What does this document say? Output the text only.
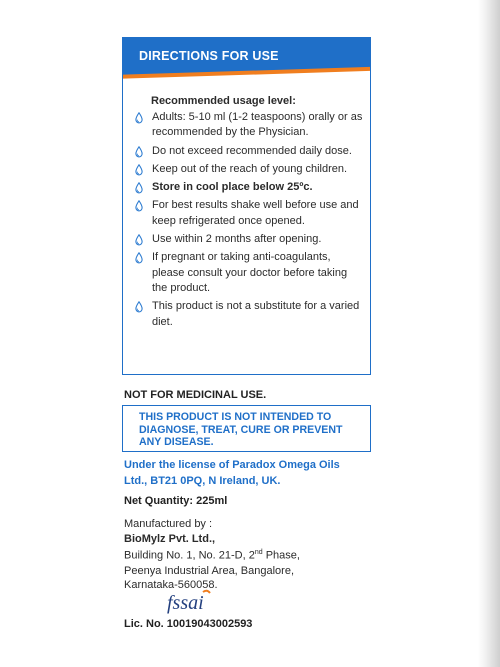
DIRECTIONS FOR USE
Recommended usage level:
Adults: 5-10 ml (1-2 teaspoons) orally or as recommended by the Physician.
Do not exceed recommended daily dose.
Keep out of the reach of young children.
Store in cool place below 25ºc.
For best results shake well before use and keep refrigerated once opened.
Use within 2 months after opening.
If pregnant or taking anti-coagulants, please consult your doctor before taking the product.
This product is not a substitute for a varied diet.
NOT FOR MEDICINAL USE.
THIS PRODUCT IS NOT INTENDED TO DIAGNOSE, TREAT, CURE OR PREVENT ANY DISEASE.
Under the license of Paradox Omega Oils Ltd., BT21 0PQ, N Ireland, UK.
Net Quantity: 225ml
Manufactured by :
BioMylz Pvt. Ltd.,
Building No. 1, No. 21-D, 2nd Phase,
Peenya Industrial Area, Bangalore,
Karnataka-560058.
fssai
Lic. No. 10019043002593
